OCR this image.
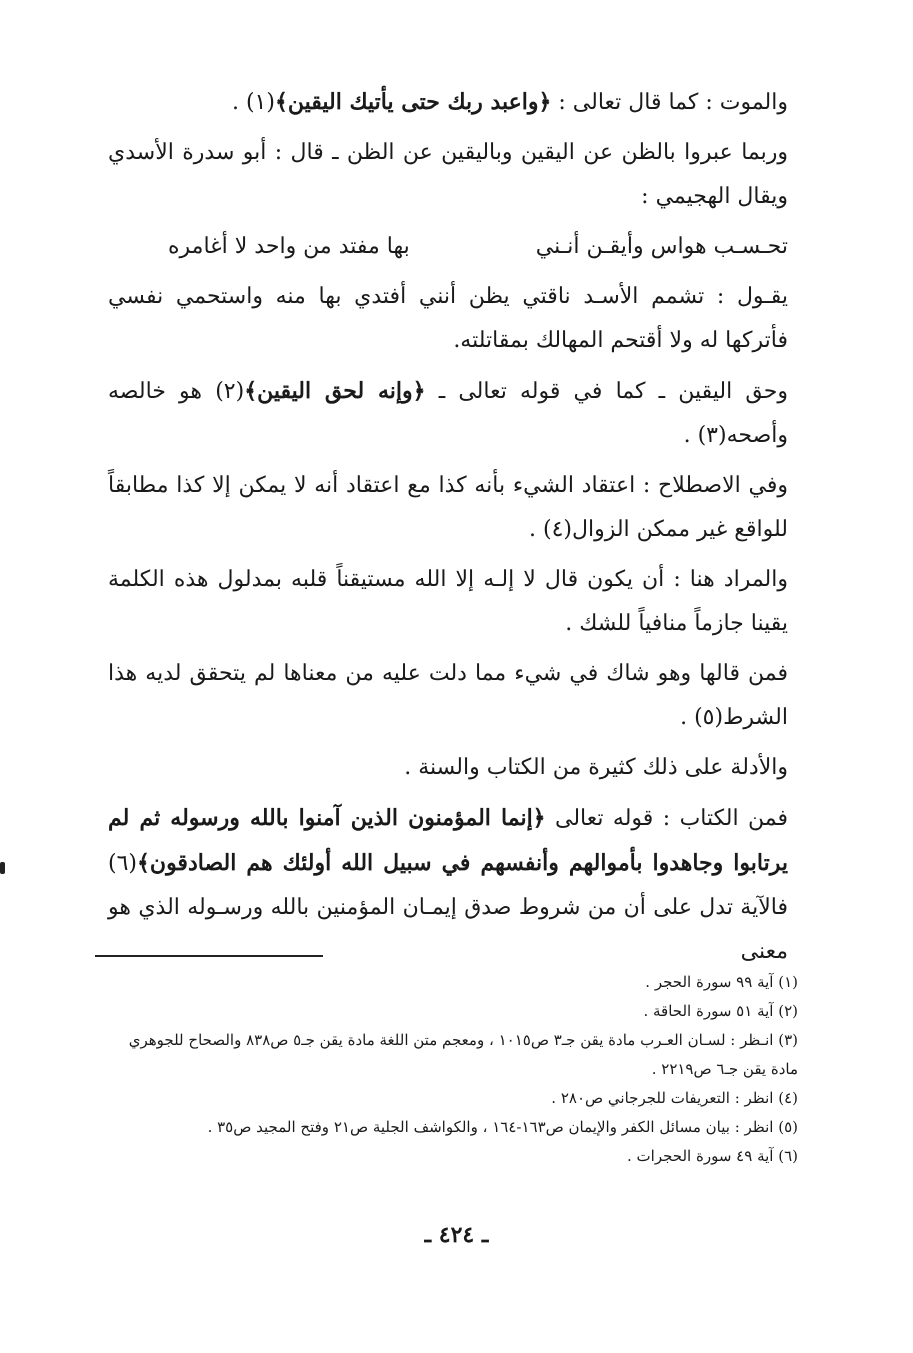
والموت : كما قال تعالى : ﴿واعبد ربك حتى يأتيك اليقين﴾(١) .

وربما عبروا بالظن عن اليقين وباليقين عن الظن ـ قال : أبو سدرة الأسدي ويقال الهجيمي :

تحـسـب هواس وأيقـن أنـني
بها مفتد من واحد لا أغامره

يقـول : تشمم الأسـد ناقتي يظن أنني أفتدي بها منه واستحمي نفسي فأتركها له ولا أقتحم المهالك بمقاتلته.

وحق اليقين ـ كما في قوله تعالى ـ ﴿وإنه لحق اليقين﴾(٢) هو خالصه وأصحه(٣) .

وفي الاصطلاح : اعتقاد الشيء بأنه كذا مع اعتقاد أنه لا يمكن إلا كذا مطابقاً للواقع غير ممكن الزوال(٤) .

والمراد هنا : أن يكون قال لا إلـه إلا الله مستيقناً قلبه بمدلول هذه الكلمة يقينا جازماً منافياً للشك .

فمن قالها وهو شاك في شيء مما دلت عليه من معناها لم يتحقق لديه هذا الشرط(٥) .

والأدلة على ذلك كثيرة من الكتاب والسنة .

فمن الكتاب : قوله تعالى ﴿إنما المؤمنون الذين آمنوا بالله ورسوله ثم لم يرتابوا وجاهدوا بأموالهم وأنفسهم في سبيل الله أولئك هم الصادقون﴾(٦) فالآية تدل على أن من شروط صدق إيمـان المؤمنين بالله ورسـوله الذي هو معنى

(١) آية ٩٩ سورة الحجر .
(٢) آية ٥١ سورة الحاقة .
(٣) انـظر : لسـان العـرب مادة يقن جـ٣ ص١٠١٥ ، ومعجم متن اللغة مادة يقن جـ٥ ص٨٣٨ والصحاح للجوهري مادة يقن جـ٦ ص٢٢١٩ .
(٤) انظر : التعريفات للجرجاني ص٢٨٠ .
(٥) انظر : بيان مسائل الكفر والإيمان ص١٦٣-١٦٤ ، والكواشف الجلية ص٢١ وفتح المجيد ص٣٥ .
(٦) آية ٤٩ سورة الحجرات .
ـ ٤٢٤ ـ
